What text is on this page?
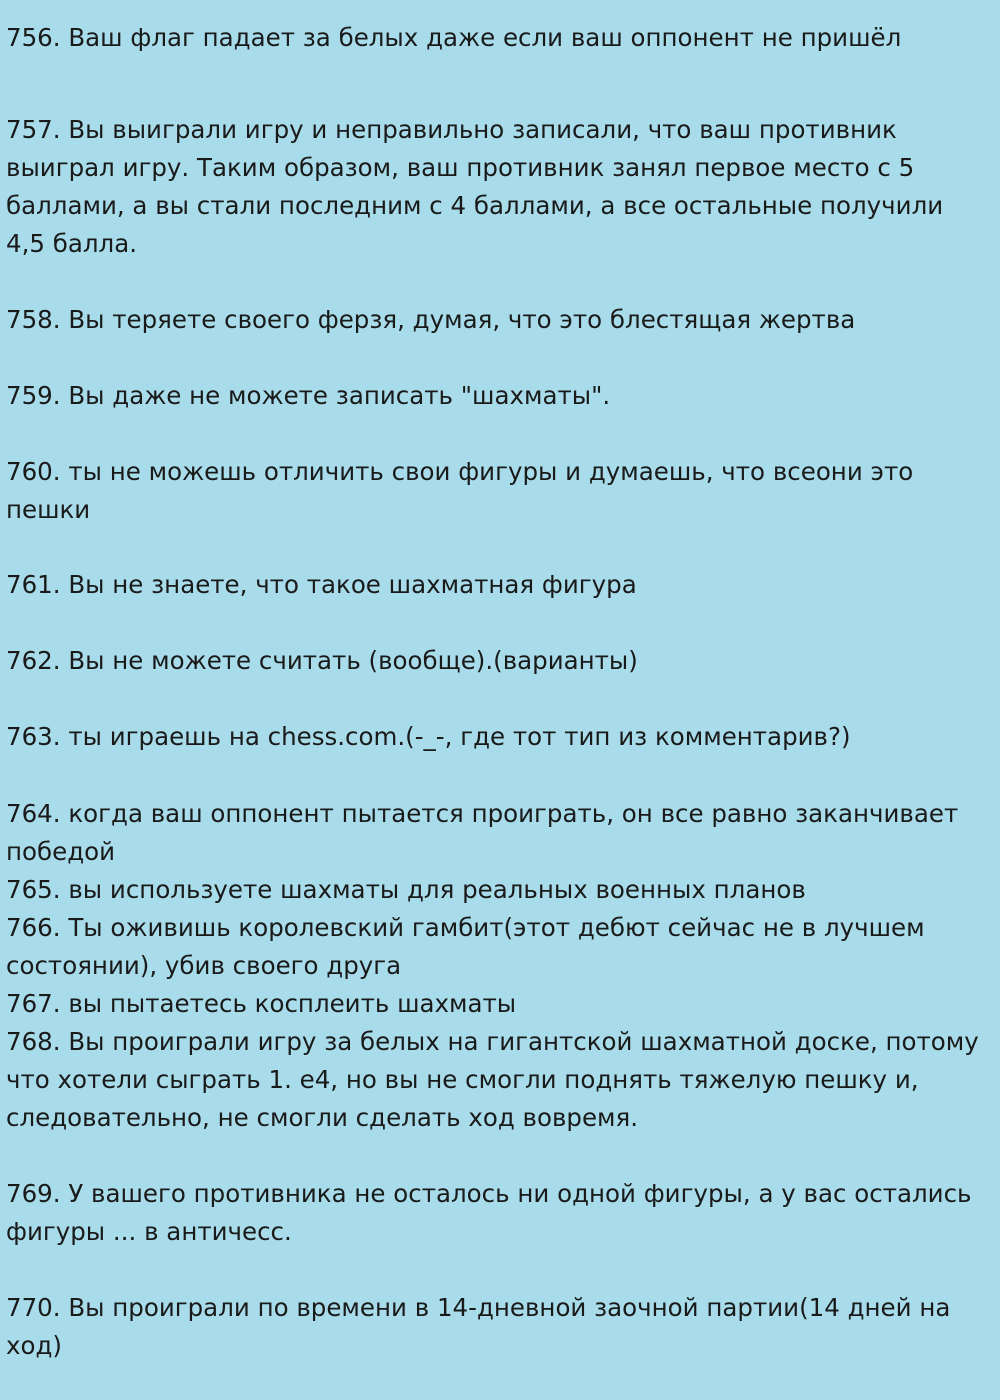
756. Ваш флаг падает за белых даже если ваш оппонент не пришёл
757. Вы выиграли игру и неправильно записали, что ваш противник
выиграл игру. Таким образом, ваш противник занял первое место с 5
баллами, а вы стали последним с 4 баллами, а все остальные получили
4,5 балла.
758. Вы теряете своего ферзя, думая, что это блестящая жертва
759. Вы даже не можете записать "шахматы".
760. ты не можешь отличить свои фигуры и думаешь, что всеони это
пешки
761. Вы не знаете, что такое шахматная фигура
762. Вы не можете считать (вообще).(варианты)
763. ты играешь на chess.com.(-_-, где тот тип из комментарив?)
764. когда ваш оппонент пытается проиграть, он все равно заканчивает
победой
765. вы используете шахматы для реальных военных планов
766. Ты оживишь королевский гамбит(этот дебют сейчас не в лучшем
состоянии), убив своего друга
767. вы пытаетесь косплеить шахматы
768. Вы проиграли игру за белых на гигантской шахматной доске, потому
что хотели сыграть 1. е4, но вы не смогли поднять тяжелую пешку и,
следовательно, не смогли сделать ход вовремя.
769. У вашего противника не осталось ни одной фигуры, а у вас остались
фигуры ... в античесс.
770. Вы проиграли по времени в 14-дневной заочной партии(14 дней на
ход)
